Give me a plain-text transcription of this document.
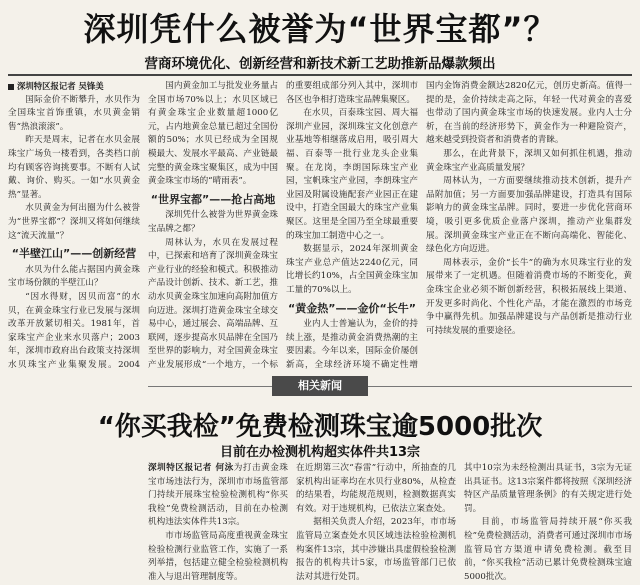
深圳凭什么被誉为“世界宝都”？
营商环境优化、创新经营和新技术新工艺助推新品爆款频出
深圳特区报记者 吴锋美

国际金价不断攀升，水贝作为全国珠宝首饰重镇，水贝黄金销售“热浪滚滚”。

昨天是周末，记者在水贝金展珠宝广场负一楼看到，各类档口前均有顾客咨询挑要事。不断有人试戴、询价、购买。一如“水贝黄金热”显著。

水贝黄金为何出圈为什么被誉为“世界宝都”？深圳又将如何继续这“流天流量”？

“半壁江山”——创新经营

水贝为什么能占据国内黄金珠宝市场份额的半壁江山？

“因水得财，因贝而富”的水贝，在黄金珠宝行业已发展与深圳改革开放紧切相关。1981年，首家珠宝产企业来水贝落户；2003年，深圳市政府出台政策支持深圳水贝珠宝产业集聚发展。2004

国内黄金加工与批发业务量占全国市场70%以上；水贝区域已有黄金珠宝企业数量超1000亿元，占内地黄金总量已超过全国份额的50%；水贝已经成为全国规模最大、发展水平最高、产业链最完整的黄金珠宝聚集区，成为中国黄金珠宝市场的“晴雨表”。

“世界宝都”——抢占高地

深圳凭什么被誉为世界黄金珠宝品牌之都？

周林认为，水贝在发展过程中，已探索和培育了深圳黄金珠宝产业行业的经验和模式。积极推动产品设计创新、技术、新工艺，推动水贝黄金珠宝加速向高附加值方向迈进。深圳打造黄金珠宝全球交易中心，通过展会、高端品牌、互联网，逐步提高水贝品牌在全国乃至世界的影响力，对全国黄金珠宝产业发展形成“一个地方，一个标

的重要组成部分列入其中，深圳市各区也争相打造珠宝品牌集聚区。

在水贝，百泰珠宝园、周大福深圳产业园，深圳珠宝文化创意产业基地等相继落成启用，吸引周大福、百泰等一批行业龙头企业集聚。在龙岗，李朗国际珠宝产业园，宝帆珠宝产业园，李朗珠宝产业园及附属设施配套产业园正在建设中，打造全国最大的珠宝产业集聚区。这里是全国乃至全球最重要的珠宝加工制造中心之一。

数据显示，2024年深圳黄金珠宝产业总产值达2240亿元，同比增长约10%，占全国黄金珠宝加工量的70%以上。

“黄金热”——金价“长牛”

业内人士普遍认为，金价的持续上涨，是推动黄金消费热潮的主要因素。今年以来，国际金价屡创新高，全球经济环境不确定性增

国内金饰消费金额达2820亿元，创历史新高。值得一提的是，金价持续走高之际，年轻一代对黄金的喜爱也带动了国内黄金珠宝市场的快速发展。业内人士分析，在当前的经济形势下，黄金作为一种避险资产，越来越受到投资者和消费者的青睐。

那么，在此背景下，深圳又如何抓住机遇，推动黄金珠宝产业高质量发展？

周林认为，一方面要继续推动技术创新，提升产品附加值；另一方面要加强品牌建设，打造具有国际影响力的黄金珠宝品牌。同时，要进一步优化营商环境，吸引更多优质企业落户深圳，推动产业集群发展。深圳黄金珠宝产业正在不断向高端化、智能化、绿色化方向迈进。

周林表示，金价“长牛”的确为水贝珠宝行业的发展带来了一定机遇。但随着消费市场的不断变化，黄金珠宝企业必须不断创新经营，积极拓展线上渠道、开发更多时尚化、个性化产品，才能在激烈的市场竞争中赢得先机。加强品牌建设与产品创新是推动行业可持续发展的重要途径。

相关新闻
“你买我检”免费检测珠宝逾5000批次
目前在办检测机构超实体件共13宗

深圳特区报记者 何泳为打击黄金珠宝市场违法行为，深圳市市场监管部门持续开展珠宝检验检测机构“你买我检”免费检测活动，目前在办检测机构违法实体件共13宗。

市市场监管局高度重视黄金珠宝检验检测行业监管工作，实施了一系列举措，包括建立健全检验检测机构准入与退出管理制度等。

在近期第三次“春雷”行动中，所抽查的几家机构出证率均在水贝行业80%，从检查的结果看，均能规范规则，检测数据真实有效。对于违规机构，已依法立案查处。

据相关负责人介绍，2023年，市市场监管局立案查处水贝区域违法检验检测机构案件13宗，其中涉嫌出具虚假检验检测报告的机构共计5家，市场监管部门已依法对其进行处罚。

其中10宗为未经检测出具证书，3宗为无证出具证书。这13宗案件都将按照《深圳经济特区产品质量管理条例》的有关规定进行处罚。

目前，市场监管局持续开展“你买我检”免费检测活动，消费者可通过深圳市市场监管局官方渠道申请免费检测。截至目前，“你买我检”活动已累计免费检测珠宝逾5000批次。
